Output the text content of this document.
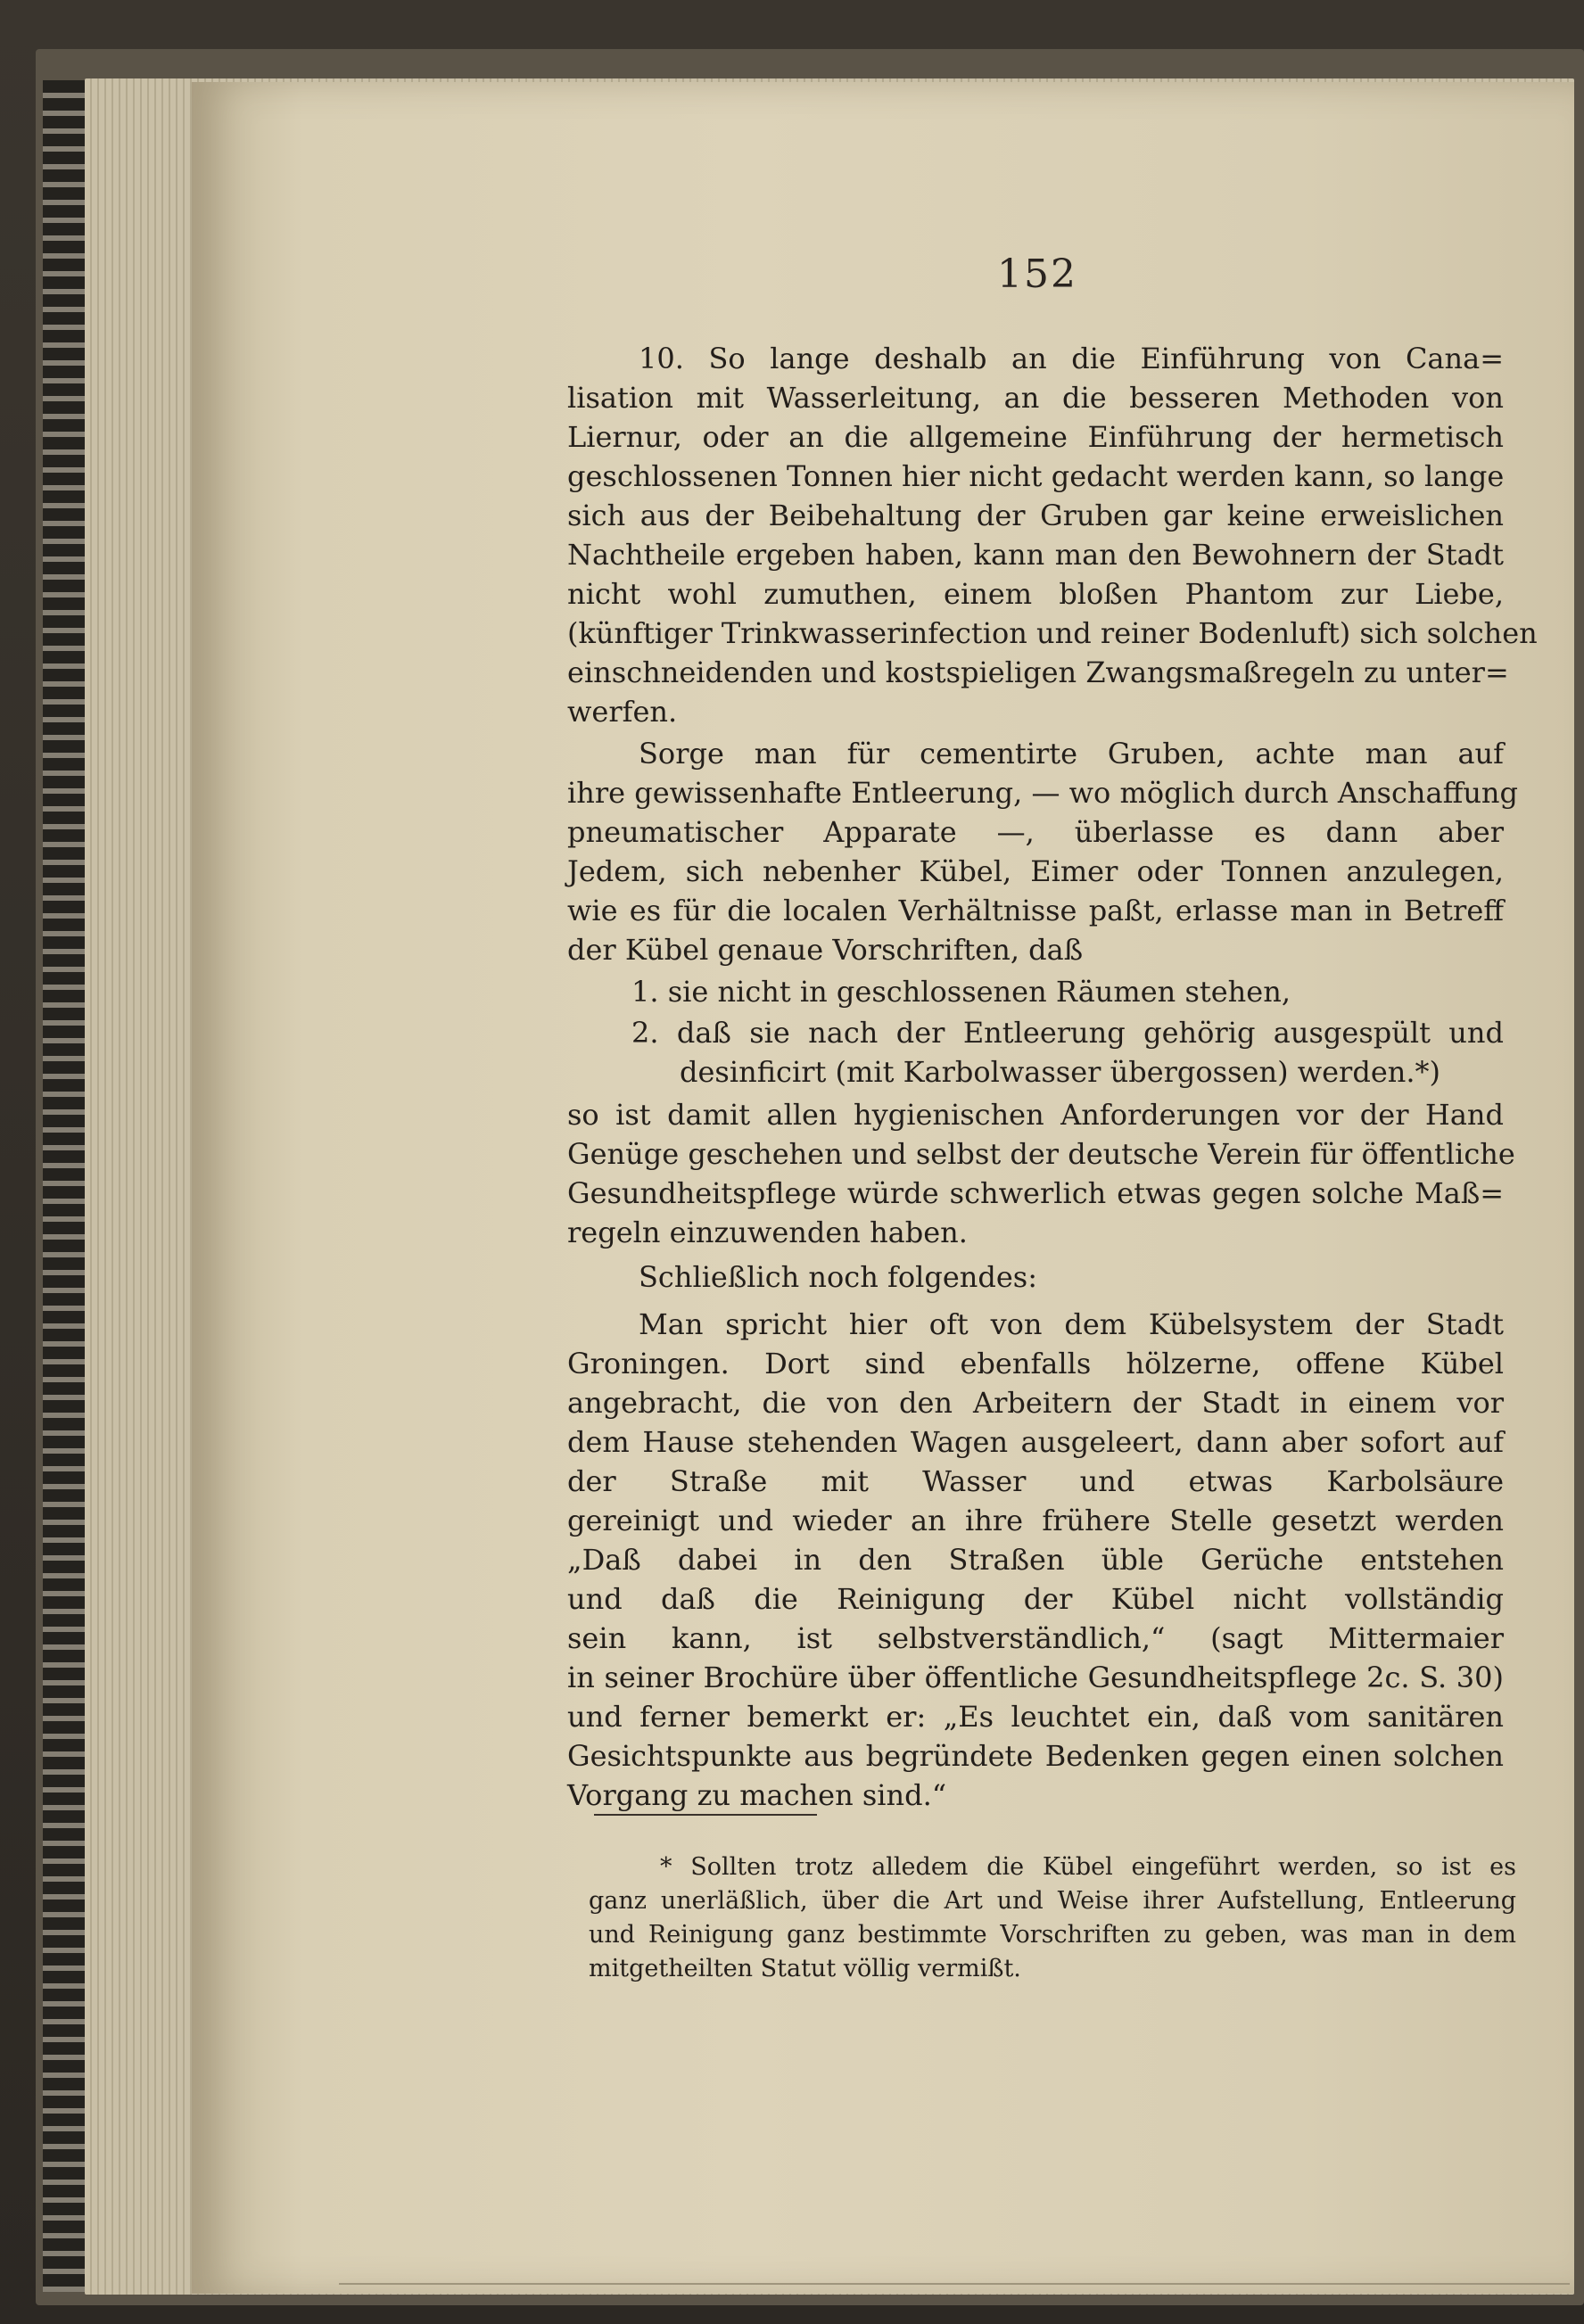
152
10. So lange deshalb an die Einführung von Cana=
lisation mit Wasserleitung, an die besseren Methoden von
Liernur, oder an die allgemeine Einführung der hermetisch
geschlossenen Tonnen hier nicht gedacht werden kann, so lange
sich aus der Beibehaltung der Gruben gar keine erweislichen
Nachtheile ergeben haben, kann man den Bewohnern der Stadt
nicht wohl zumuthen, einem bloßen Phantom zur Liebe,
(künftiger Trinkwasserinfection und reiner Bodenluft) sich solchen
einschneidenden und kostspieligen Zwangsmaßregeln zu unter=
werfen.
Sorge man für cementirte Gruben, achte man auf
ihre gewissenhafte Entleerung, — wo möglich durch Anschaffung
pneumatischer Apparate —, überlasse es dann aber
Jedem, sich nebenher Kübel, Eimer oder Tonnen anzulegen,
wie es für die localen Verhältnisse paßt, erlasse man in Betreff
der Kübel genaue Vorschriften, daß
1. sie nicht in geschlossenen Räumen stehen,
2. daß sie nach der Entleerung gehörig ausgespült und
desinficirt (mit Karbolwasser übergossen) werden.*)
so ist damit allen hygienischen Anforderungen vor der Hand
Genüge geschehen und selbst der deutsche Verein für öffentliche
Gesundheitspflege würde schwerlich etwas gegen solche Maß=
regeln einzuwenden haben.
Schließlich noch folgendes:
Man spricht hier oft von dem Kübelsystem der Stadt
Groningen. Dort sind ebenfalls hölzerne, offene Kübel
angebracht, die von den Arbeitern der Stadt in einem vor
dem Hause stehenden Wagen ausgeleert, dann aber sofort auf
der Straße mit Wasser und etwas Karbolsäure
gereinigt und wieder an ihre frühere Stelle gesetzt werden
„Daß dabei in den Straßen üble Gerüche entstehen
und daß die Reinigung der Kübel nicht vollständig
sein kann, ist selbstverständlich,“ (sagt Mittermaier
in seiner Brochüre über öffentliche Gesundheitspflege 2c. S. 30)
und ferner bemerkt er: „Es leuchtet ein, daß vom sanitären
Gesichtspunkte aus begründete Bedenken gegen einen solchen
Vorgang zu machen sind.“
* Sollten trotz alledem die Kübel eingeführt werden, so ist es
ganz unerläßlich, über die Art und Weise ihrer Aufstellung, Entleerung
und Reinigung ganz bestimmte Vorschriften zu geben, was man in dem
mitgetheilten Statut völlig vermißt.
